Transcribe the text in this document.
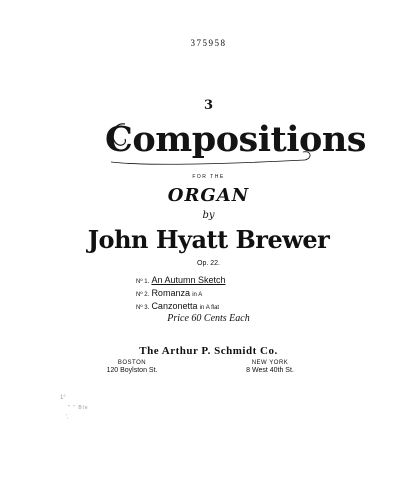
375958
3
Compositions
FOR THE
ORGAN
by
John Hyatt Brewer
Op. 22.
Nº 1. An Autumn Sketch
Nº 2. Romanza in A
Nº 3. Canzonetta in A flat
Price 60 Cents Each
The Arthur P. Schmidt Co.
BOSTON
120 Boylston St.
NEW YORK
8 West 40th St.
1°
" " Ble
',
